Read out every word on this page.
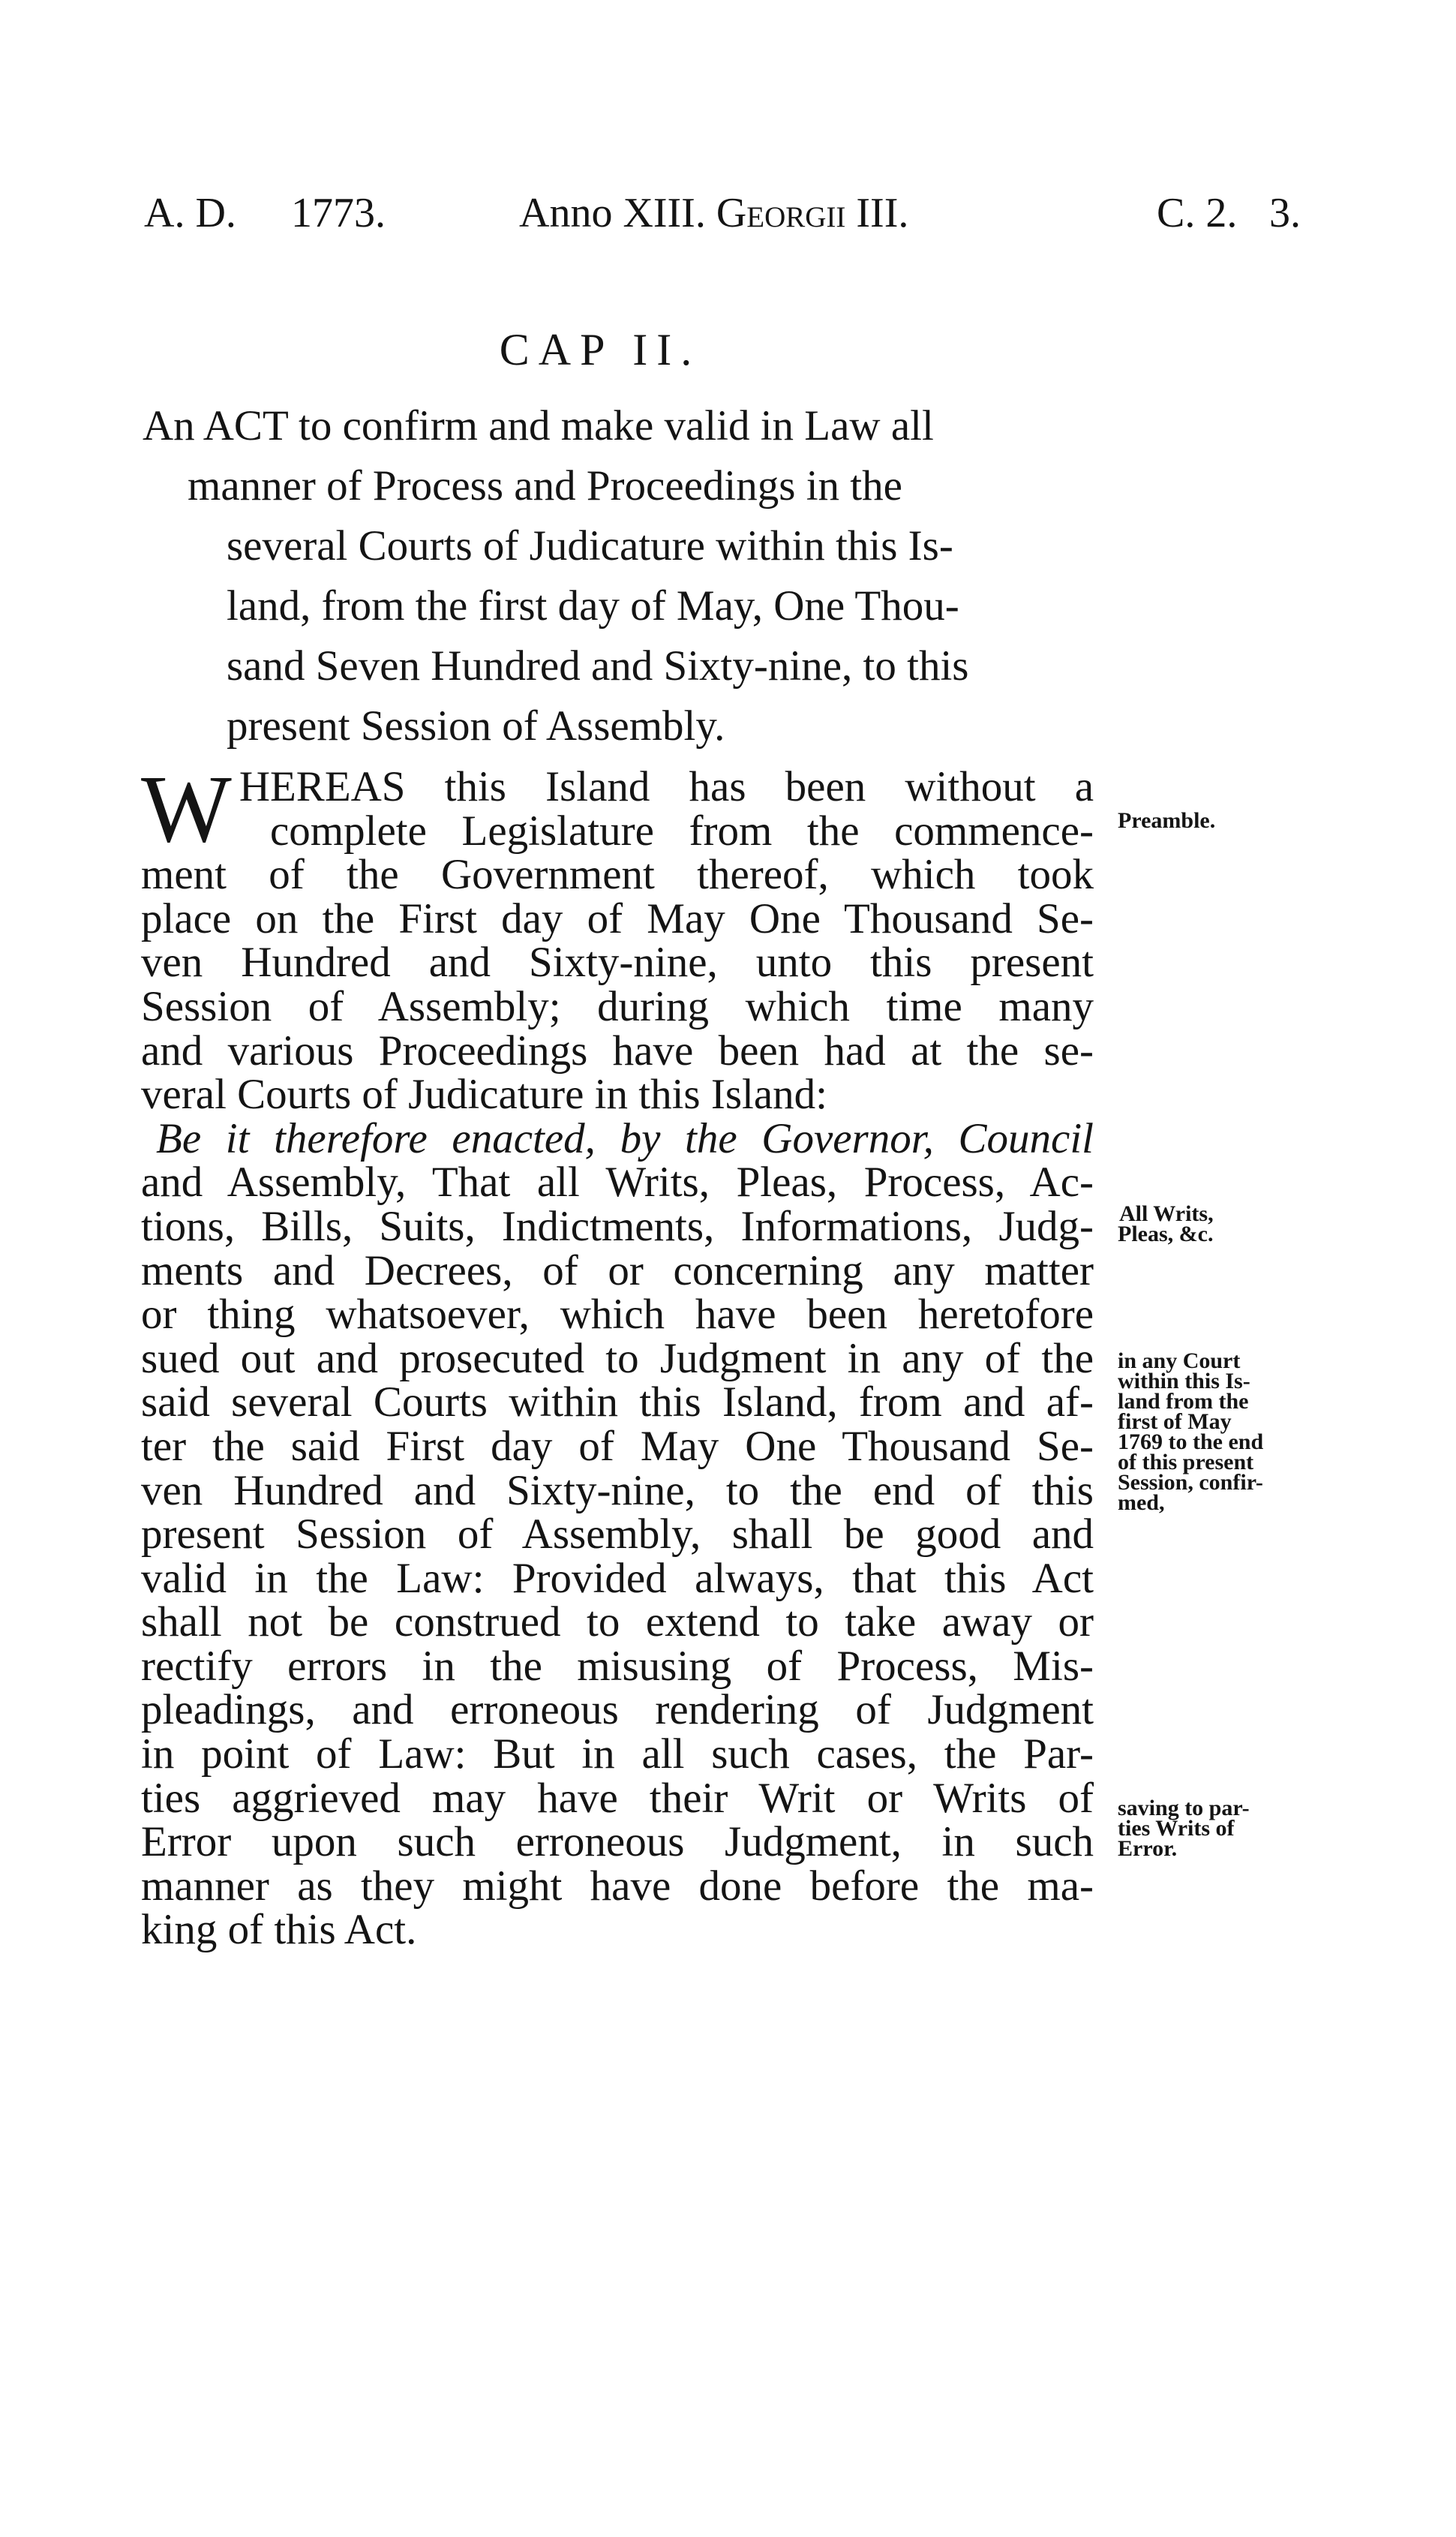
A. D. 1773.	Anno XIII. Georgii III.	C. 2. 3.
CAP II.
An ACT to confirm and make valid in Law all
manner of Process and Proceedings in the
several Courts of Judicature within this Is-
land, from the first day of May, One Thou-
sand Seven Hundred and Sixty-nine, to this
present Session of Assembly.

W HEREAS this Island has been without a
complete Legislature from the commence-
ment of the Government thereof, which took
place on the First day of May One Thousand Se-
ven Hundred and Sixty-nine, unto this present
Session of Assembly; during which time many
and various Proceedings have been had at the se-
veral Courts of Judicature in this Island:

Be it therefore enacted, by the Governor, Council
and Assembly, That all Writs, Pleas, Process, Ac-
tions, Bills, Suits, Indictments, Informations, Judg-
ments and Decrees, of or concerning any matter
or thing whatsoever, which have been heretofore
sued out and prosecuted to Judgment in any of the
said several Courts within this Island, from and af-
ter the said First day of May One Thousand Se-
ven Hundred and Sixty-nine, to the end of this
present Session of Assembly, shall be good and
valid in the Law: Provided always, that this Act
shall not be construed to extend to take away or
rectify errors in the misusing of Process, Mis-
pleadings, and erroneous rendering of Judgment
in point of Law: But in all such cases, the Par-
ties aggrieved may have their Writ or Writs of
Error upon such erroneous Judgment, in such
manner as they might have done before the ma-
king of this Act.

Preamble.
All Writs,
Pleas, &c.
in any Court
within this Is-
land from the
first of May
1769 to the end
of this present
Session, confir-
med,
saving to par-
ties Writs of
Error.
